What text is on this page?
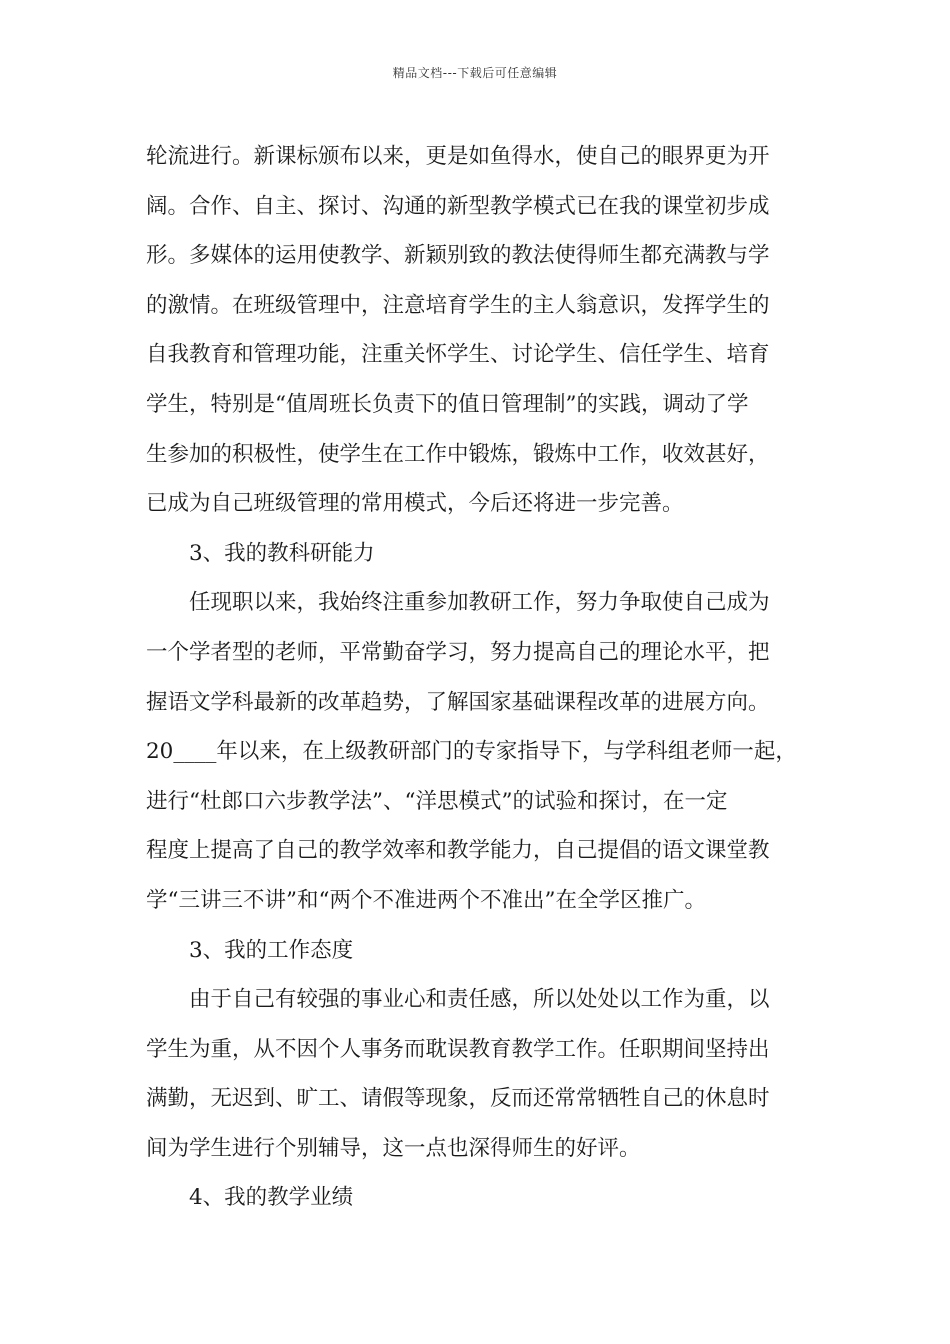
精品文档---下载后可任意编辑
轮流进行。新课标颁布以来，更是如鱼得水，使自己的眼界更为开
阔。合作、自主、探讨、沟通的新型教学模式已在我的课堂初步成
形。多媒体的运用使教学、新颖别致的教法使得师生都充满教与学
的激情。在班级管理中，注意培育学生的主人翁意识，发挥学生的
自我教育和管理功能，注重关怀学生、讨论学生、信任学生、培育
学生，特别是“值周班长负责下的值日管理制”的实践，调动了学
生参加的积极性，使学生在工作中锻炼，锻炼中工作，收效甚好，
已成为自己班级管理的常用模式，今后还将进一步完善。
3、我的教科研能力
任现职以来，我始终注重参加教研工作，努力争取使自己成为
一个学者型的老师，平常勤奋学习，努力提高自己的理论水平，把
握语文学科最新的改革趋势，了解国家基础课程改革的进展方向。
20____年以来，在上级教研部门的专家指导下，与学科组老师一起，
进行“杜郎口六步教学法”、“洋思模式”的试验和探讨，在一定
程度上提高了自己的教学效率和教学能力，自己提倡的语文课堂教
学“三讲三不讲”和“两个不准进两个不准出”在全学区推广。
3、我的工作态度
由于自己有较强的事业心和责任感，所以处处以工作为重，以
学生为重，从不因个人事务而耽误教育教学工作。任职期间坚持出
满勤，无迟到、旷工、请假等现象，反而还常常牺牲自己的休息时
间为学生进行个别辅导，这一点也深得师生的好评。
4、我的教学业绩
